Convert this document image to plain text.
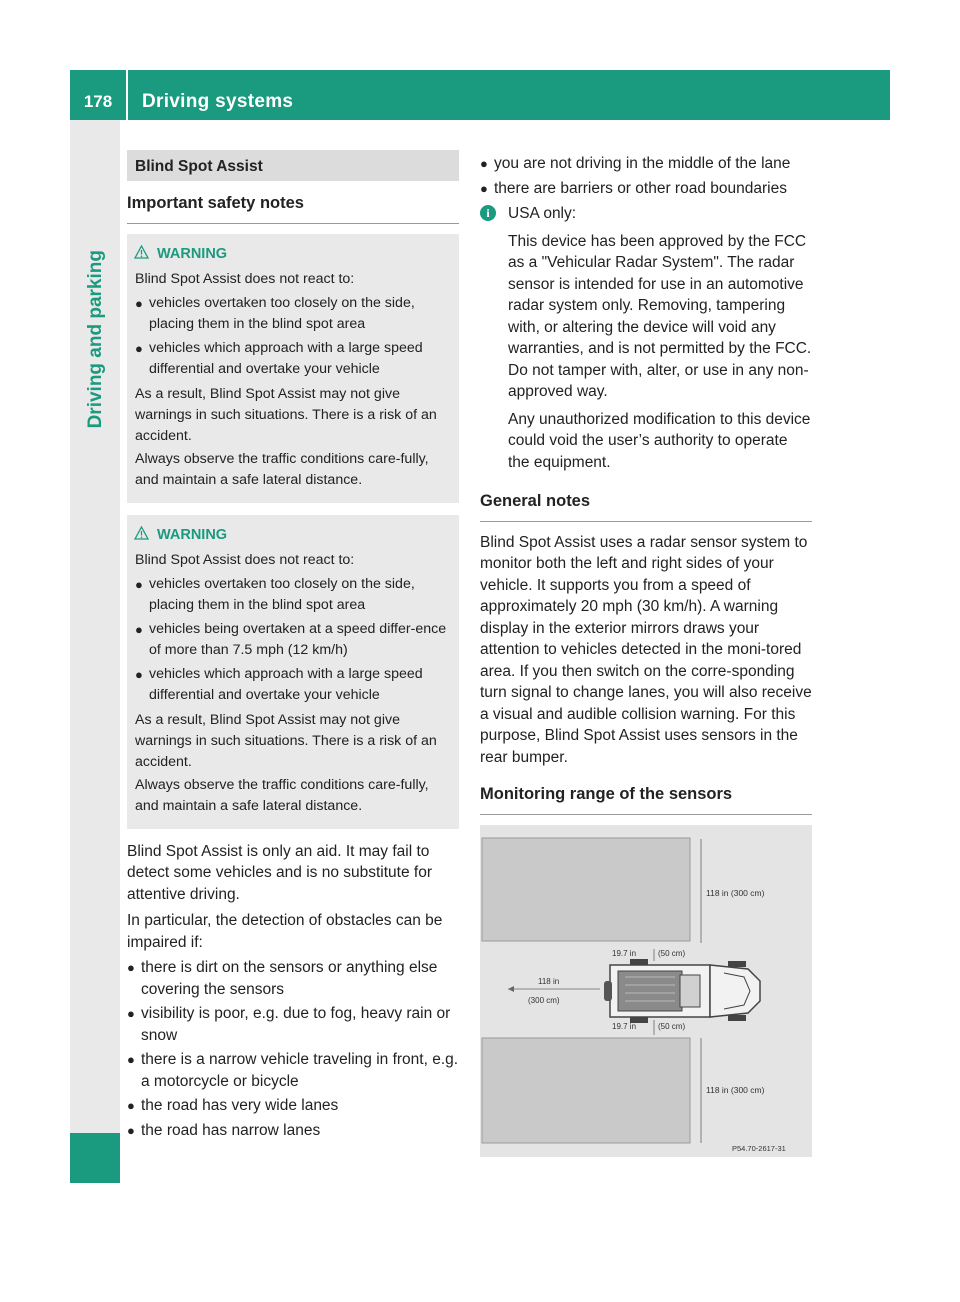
178	Driving systems
Driving and parking
Blind Spot Assist
Important safety notes
WARNING

Blind Spot Assist does not react to:

● vehicles overtaken too closely on the side, placing them in the blind spot area
● vehicles which approach with a large speed differential and overtake your vehicle

As a result, Blind Spot Assist may not give warnings in such situations. There is a risk of an accident.

Always observe the traffic conditions care-fully, and maintain a safe lateral distance.

WARNING

Blind Spot Assist does not react to:

● vehicles overtaken too closely on the side, placing them in the blind spot area
● vehicles being overtaken at a speed differ-ence of more than 7.5 mph (12 km/h)
● vehicles which approach with a large speed differential and overtake your vehicle

As a result, Blind Spot Assist may not give warnings in such situations. There is a risk of an accident.

Always observe the traffic conditions care-fully, and maintain a safe lateral distance.

Blind Spot Assist is only an aid. It may fail to detect some vehicles and is no substitute for attentive driving.

In particular, the detection of obstacles can be impaired if:

● there is dirt on the sensors or anything else covering the sensors
● visibility is poor, e.g. due to fog, heavy rain or snow
● there is a narrow vehicle traveling in front, e.g. a motorcycle or bicycle
● the road has very wide lanes
● the road has narrow lanes
● you are not driving in the middle of the lane
● there are barriers or other road boundaries
i	USA only:

This device has been approved by the FCC as a "Vehicular Radar System". The radar sensor is intended for use in an automotive radar system only. Removing, tampering with, or altering the device will void any warranties, and is not permitted by the FCC. Do not tamper with, alter, or use in any non-approved way.

Any unauthorized modification to this device could void the user’s authority to operate the equipment.

General notes

Blind Spot Assist uses a radar sensor system to monitor both the left and right sides of your vehicle. It supports you from a speed of approximately 20 mph (30 km/h). A warning display in the exterior mirrors draws your attention to vehicles detected in the moni-tored area. If you then switch on the corre-sponding turn signal to change lanes, you will also receive a visual and audible collision warning. For this purpose, Blind Spot Assist uses sensors in the rear bumper.

Monitoring range of the sensors
118 in (300 cm)
19.7 in	(50 cm)
118 in
(300 cm)
19.7 in	(50 cm)
118 in (300 cm)
P54.70-2617-31
